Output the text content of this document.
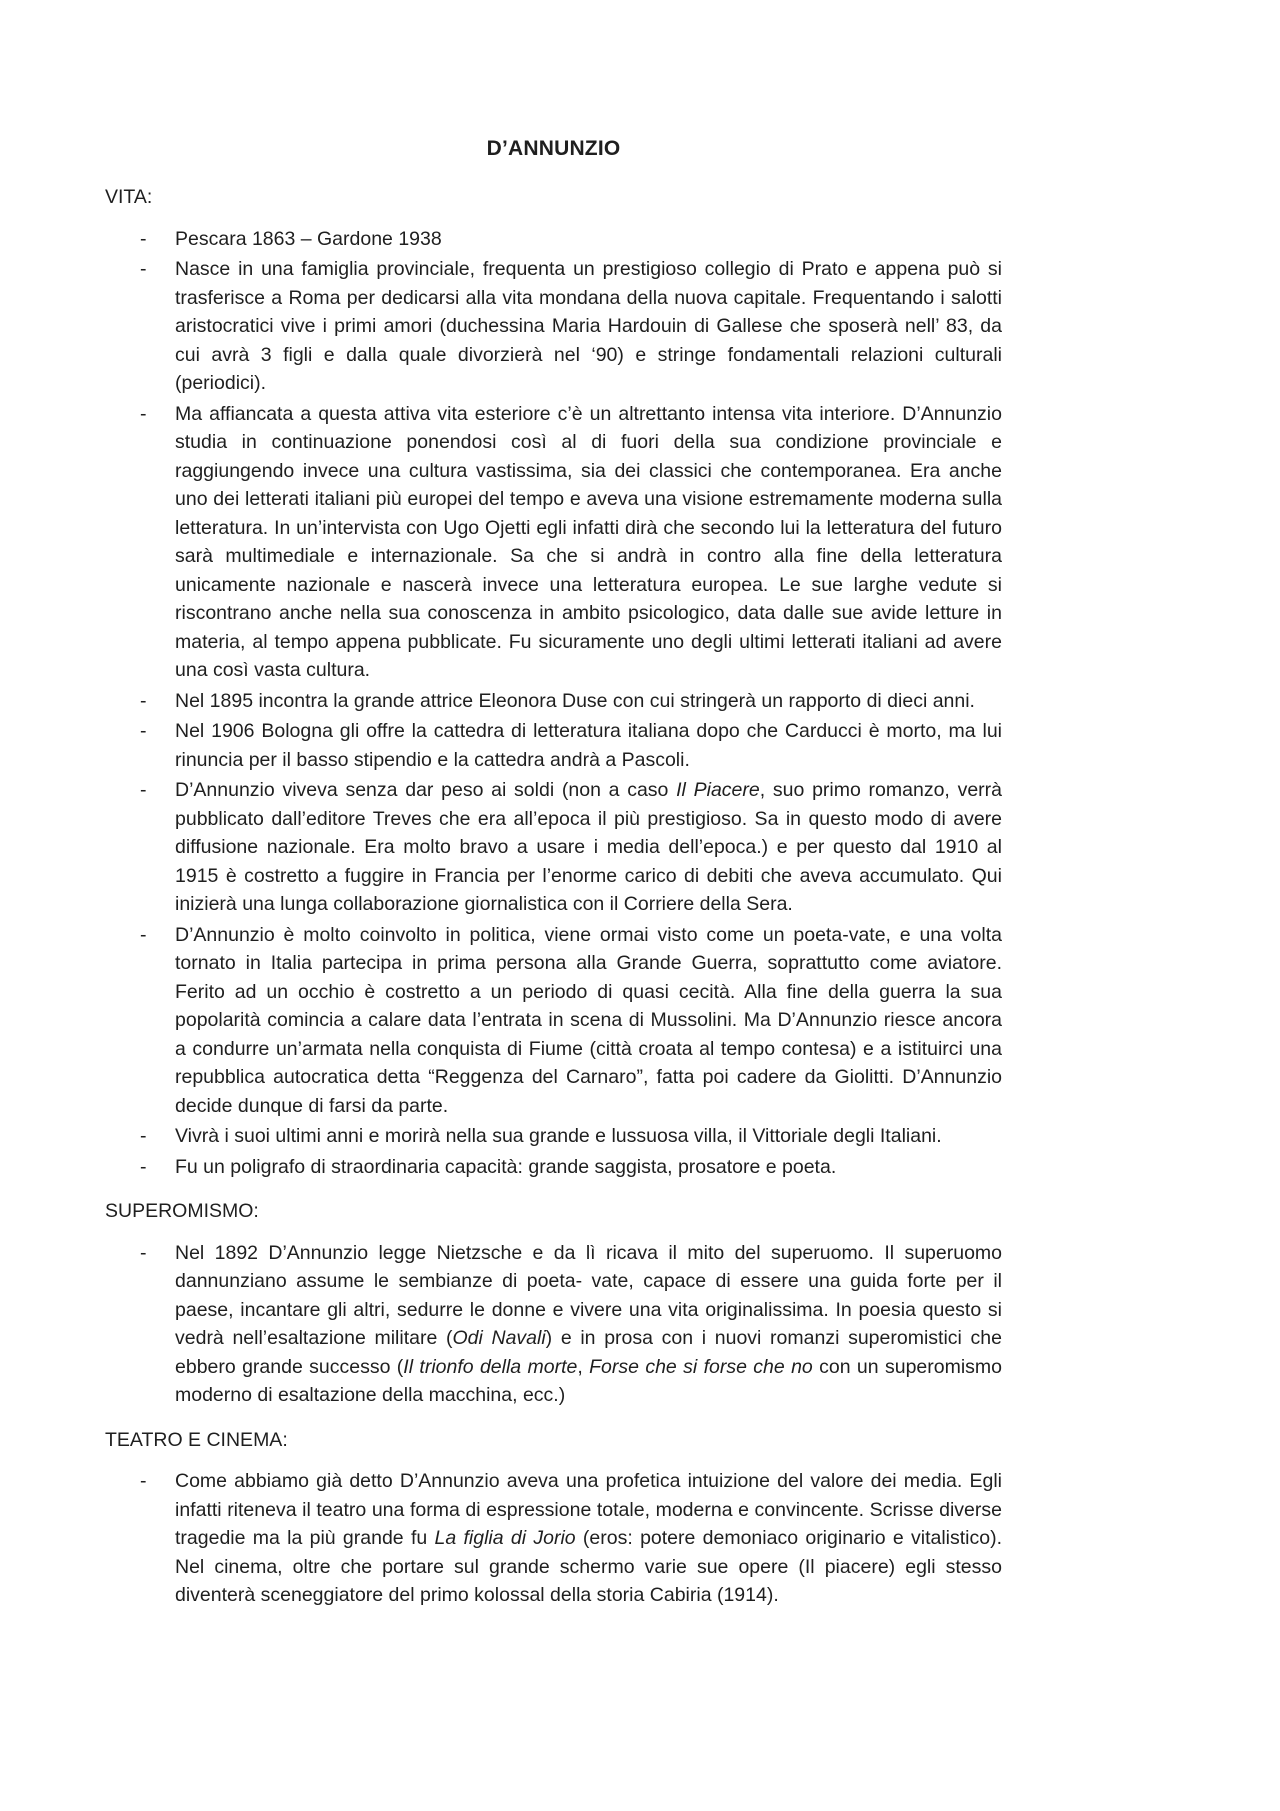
D’ANNUNZIO

VITA:

- Pescara 1863 – Gardone 1938
- Nasce in una famiglia provinciale, frequenta un prestigioso collegio di Prato e appena può si trasferisce a Roma per dedicarsi alla vita mondana della nuova capitale. Frequentando i salotti aristocratici vive i primi amori (duchessina Maria Hardouin di Gallese che sposerà nell’ 83, da cui avrà 3 figli e dalla quale divorzierà nel ‘90) e stringe fondamentali relazioni culturali (periodici).
- Ma affiancata a questa attiva vita esteriore c’è un altrettanto intensa vita interiore. D’Annunzio studia in continuazione ponendosi così al di fuori della sua condizione provinciale e raggiungendo invece una cultura vastissima, sia dei classici che contemporanea. Era anche uno dei letterati italiani più europei del tempo e aveva una visione estremamente moderna sulla letteratura. In un’intervista con Ugo Ojetti egli infatti dirà che secondo lui la letteratura del futuro sarà multimediale e internazionale. Sa che si andrà in contro alla fine della letteratura unicamente nazionale e nascerà invece una letteratura europea. Le sue larghe vedute si riscontrano anche nella sua conoscenza in ambito psicologico, data dalle sue avide letture in materia, al tempo appena pubblicate. Fu sicuramente uno degli ultimi letterati italiani ad avere una così vasta cultura.
- Nel 1895 incontra la grande attrice Eleonora Duse con cui stringerà un rapporto di dieci anni.
- Nel 1906 Bologna gli offre la cattedra di letteratura italiana dopo che Carducci è morto, ma lui rinuncia per il basso stipendio e la cattedra andrà a Pascoli.
- D’Annunzio viveva senza dar peso ai soldi (non a caso Il Piacere, suo primo romanzo, verrà pubblicato dall’editore Treves che era all’epoca il più prestigioso. Sa in questo modo di avere diffusione nazionale. Era molto bravo a usare i media dell’epoca.) e per questo dal 1910 al 1915 è costretto a fuggire in Francia per l’enorme carico di debiti che aveva accumulato. Qui inizierà una lunga collaborazione giornalistica con il Corriere della Sera.
- D’Annunzio è molto coinvolto in politica, viene ormai visto come un poeta-vate, e una volta tornato in Italia partecipa in prima persona alla Grande Guerra, soprattutto come aviatore. Ferito ad un occhio è costretto a un periodo di quasi cecità. Alla fine della guerra la sua popolarità comincia a calare data l’entrata in scena di Mussolini. Ma D’Annunzio riesce ancora a condurre un’armata nella conquista di Fiume (città croata al tempo contesa) e a istituirci una repubblica autocratica detta “Reggenza del Carnaro”, fatta poi cadere da Giolitti. D’Annunzio decide dunque di farsi da parte.
- Vivrà i suoi ultimi anni e morirà nella sua grande e lussuosa villa, il Vittoriale degli Italiani.
- Fu un poligrafo di straordinaria capacità: grande saggista, prosatore e poeta.

SUPEROMISMO:

- Nel 1892 D’Annunzio legge Nietzsche e da lì ricava il mito del superuomo. Il superuomo dannunziano assume le sembianze di poeta- vate, capace di essere una guida forte per il paese, incantare gli altri, sedurre le donne e vivere una vita originalissima. In poesia questo si vedrà nell’esaltazione militare (Odi Navali) e in prosa con i nuovi romanzi superomistici che ebbero grande successo (Il trionfo della morte, Forse che si forse che no con un superomismo moderno di esaltazione della macchina, ecc.)

TEATRO E CINEMA:

- Come abbiamo già detto D’Annunzio aveva una profetica intuizione del valore dei media. Egli infatti riteneva il teatro una forma di espressione totale, moderna e convincente. Scrisse diverse tragedie ma la più grande fu La figlia di Jorio (eros: potere demoniaco originario e vitalistico). Nel cinema, oltre che portare sul grande schermo varie sue opere (Il piacere) egli stesso diventerà sceneggiatore del primo kolossal della storia Cabiria (1914).
